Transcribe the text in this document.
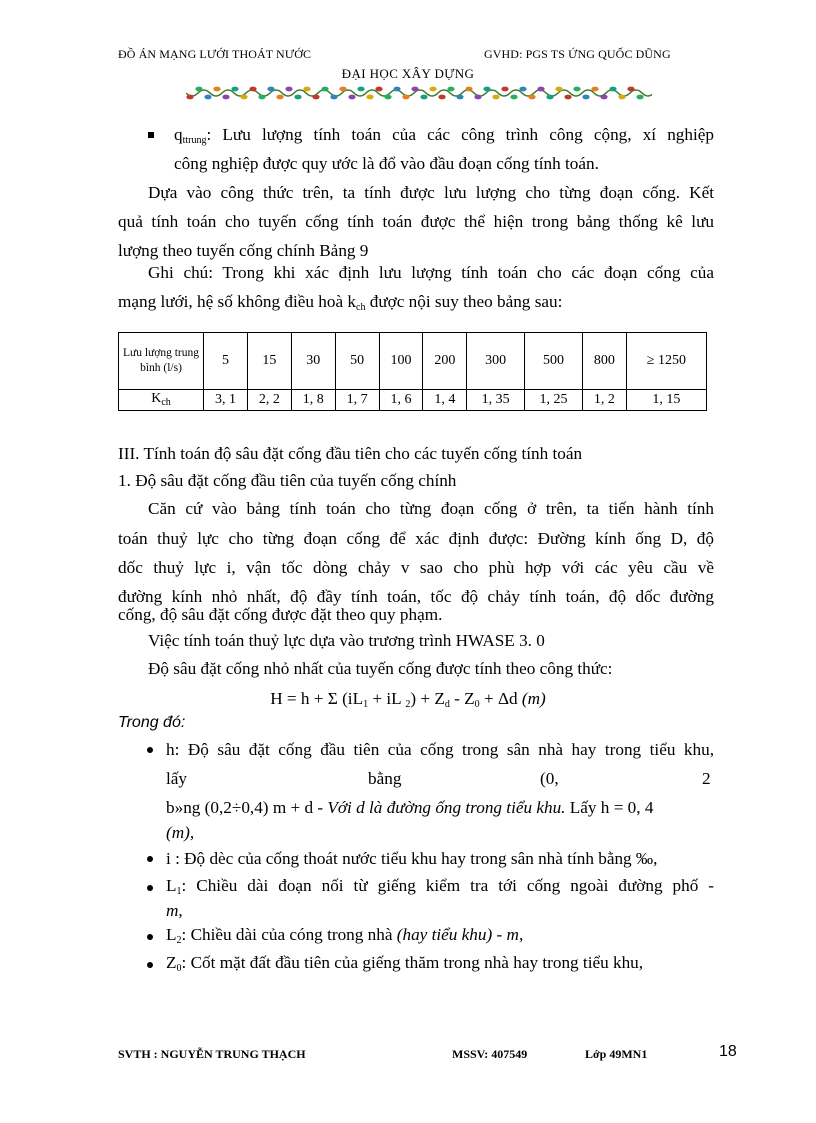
ĐỒ ÁN MẠNG LƯỚI THOÁT NƯỚC	GVHD: PGS TS ỨNG QUỐC DŨNG
ĐẠI HỌC XÂY DỰNG
$q_{ttrung}$: Lưu lượng tính toán của các công trình công cộng, xí nghiệp
công nghiệp được quy ước là đổ vào đầu đoạn cống tính toán.
Dựa vào công thức trên, ta tính được lưu lượng cho từng đoạn cống. Kết
quả tính toán cho tuyến cống tính toán được thể hiện trong bảng thống kê lưu
lượng theo tuyến cống chính Bảng 9
Ghi chú: Trong khi xác định lưu lượng tính toán cho các đoạn cống của
mạng lưới, hệ số không điều hoà $k_{ch}$ được nội suy theo bảng sau:
Lưu lượng trung bình (l/s)	5	15	30	50	100	200	300	500	800	≥ 1250
$K_{ch}$	3, 1	2, 2	1, 8	1, 7	1, 6	1, 4	1, 35	1, 25	1, 2	1, 15
III. Tính toán độ sâu đặt cống đầu tiên cho các tuyến cống tính toán
1. Độ sâu đặt cống đầu tiên của tuyến cống chính
Căn cứ vào bảng tính toán cho từng đoạn cống ở trên, ta tiến hành tính
toán thuỷ lực cho từng đoạn cống để xác định được: Đường kính ống D, độ
dốc thuỷ lực i, vận tốc dòng chảy v sao cho phù hợp với các yêu cầu về
đường kính nhỏ nhất, độ đầy tính toán, tốc độ chảy tính toán, độ dốc đường
cống, độ sâu đặt cống được đặt theo quy phạm.
Việc tính toán thuỷ lực dựa vào trương trình HWASE 3. 0
Độ sâu đặt cống nhỏ nhất của tuyến cống được tính theo công thức:
H = h + Σ ($iL_1$ + iL $_2) + Z_d - Z_0 + \Delta d$ (m)
Trong đó:
h: Độ sâu đặt cống đầu tiên của cống trong sân nhà hay trong tiểu khu,
lấy	bằng	(0,	2
b»ng (0,2÷0,4) m + d - Với d là đường ống trong tiểu khu. Lấy h = 0, 4
(m),
i : Độ dèc của cống thoát nước tiểu khu hay trong sân nhà tính bằng ‰,
$L_1$: Chiều dài đoạn nối từ giếng kiểm tra tới cống ngoài đường phố -
m,
$L_2$: Chiều dài của cóng trong nhà (hay tiểu khu) - m,
$Z_0$: Cốt mặt đất đầu tiên của giếng thăm trong nhà hay trong tiểu khu,
SVTH : NGUYỄN TRUNG THẠCH	MSSV: 407549	Lớp 49MN1	18
